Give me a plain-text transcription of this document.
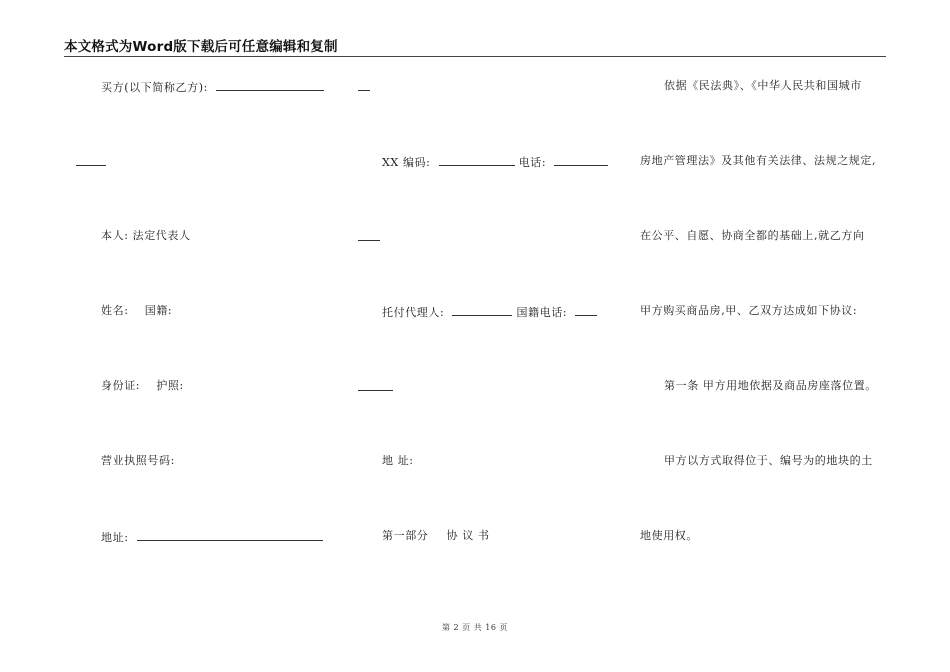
本文格式为Word版下载后可任意编辑和复制
买方(以下简称乙方):
本人: 法定代表人
姓名: 国籍:
身份证: 护照:
营业执照号码:
地址:
XX 编码:	电话:
托付代理人:	国籍电话:
地 址:
第一部分 协 议 书
依据《民法典》、《中华人民共和国城市
房地产管理法》及其他有关法律、法规之规定,
在公平、自愿、协商全都的基础上,就乙方向
甲方购买商品房,甲、乙双方达成如下协议:
第一条 甲方用地依据及商品房座落位置。
甲方以方式取得位于、编号为的地块的土
地使用权。
第 2 页 共 16 页
